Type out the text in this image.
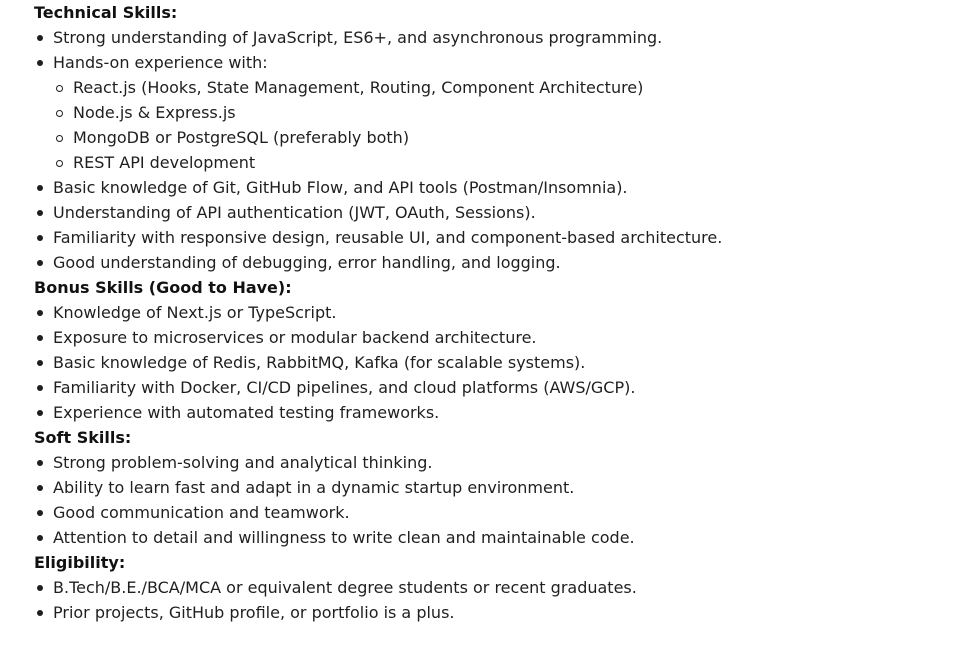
Technical Skills:
Strong understanding of JavaScript, ES6+, and asynchronous programming.
Hands-on experience with:
React.js (Hooks, State Management, Routing, Component Architecture)
Node.js & Express.js
MongoDB or PostgreSQL (preferably both)
REST API development
Basic knowledge of Git, GitHub Flow, and API tools (Postman/Insomnia).
Understanding of API authentication (JWT, OAuth, Sessions).
Familiarity with responsive design, reusable UI, and component-based architecture.
Good understanding of debugging, error handling, and logging.
Bonus Skills (Good to Have):
Knowledge of Next.js or TypeScript.
Exposure to microservices or modular backend architecture.
Basic knowledge of Redis, RabbitMQ, Kafka (for scalable systems).
Familiarity with Docker, CI/CD pipelines, and cloud platforms (AWS/GCP).
Experience with automated testing frameworks.
Soft Skills:
Strong problem-solving and analytical thinking.
Ability to learn fast and adapt in a dynamic startup environment.
Good communication and teamwork.
Attention to detail and willingness to write clean and maintainable code.
Eligibility:
B.Tech/B.E./BCA/MCA or equivalent degree students or recent graduates.
Prior projects, GitHub profile, or portfolio is a plus.
